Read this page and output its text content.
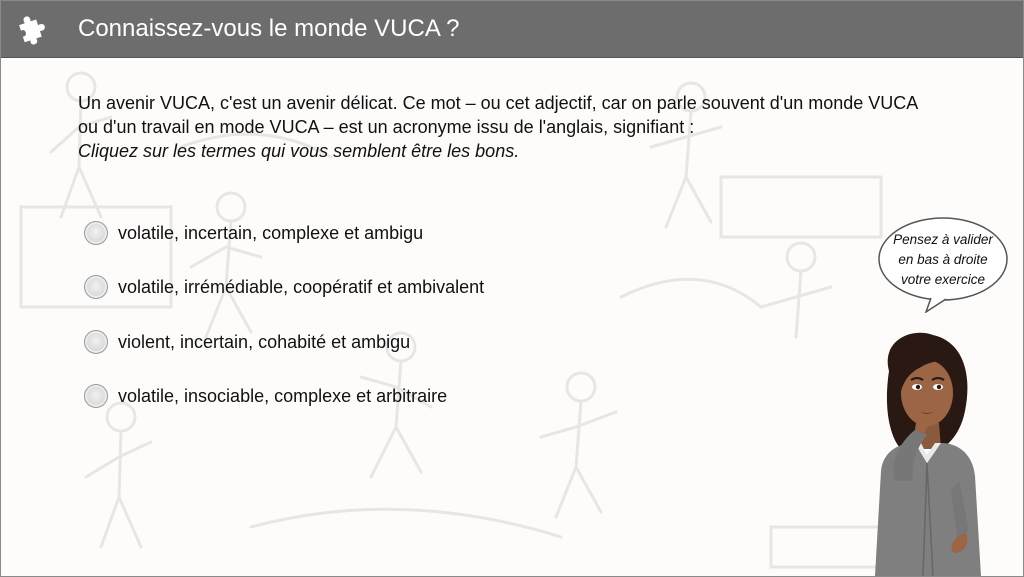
Connaissez-vous le monde VUCA ?
Un avenir VUCA, c'est un avenir délicat. Ce mot – ou cet adjectif, car on parle souvent d'un monde VUCA ou d'un travail en mode VUCA – est un acronyme issu de l'anglais, signifiant :
Cliquez sur les termes qui vous semblent être les bons.
volatile, incertain, complexe et ambigu
volatile, irrémédiable, coopératif et ambivalent
violent, incertain, cohabité et ambigu
volatile, insociable, complexe et arbitraire
Pensez à valider
en bas à droite
votre exercice
